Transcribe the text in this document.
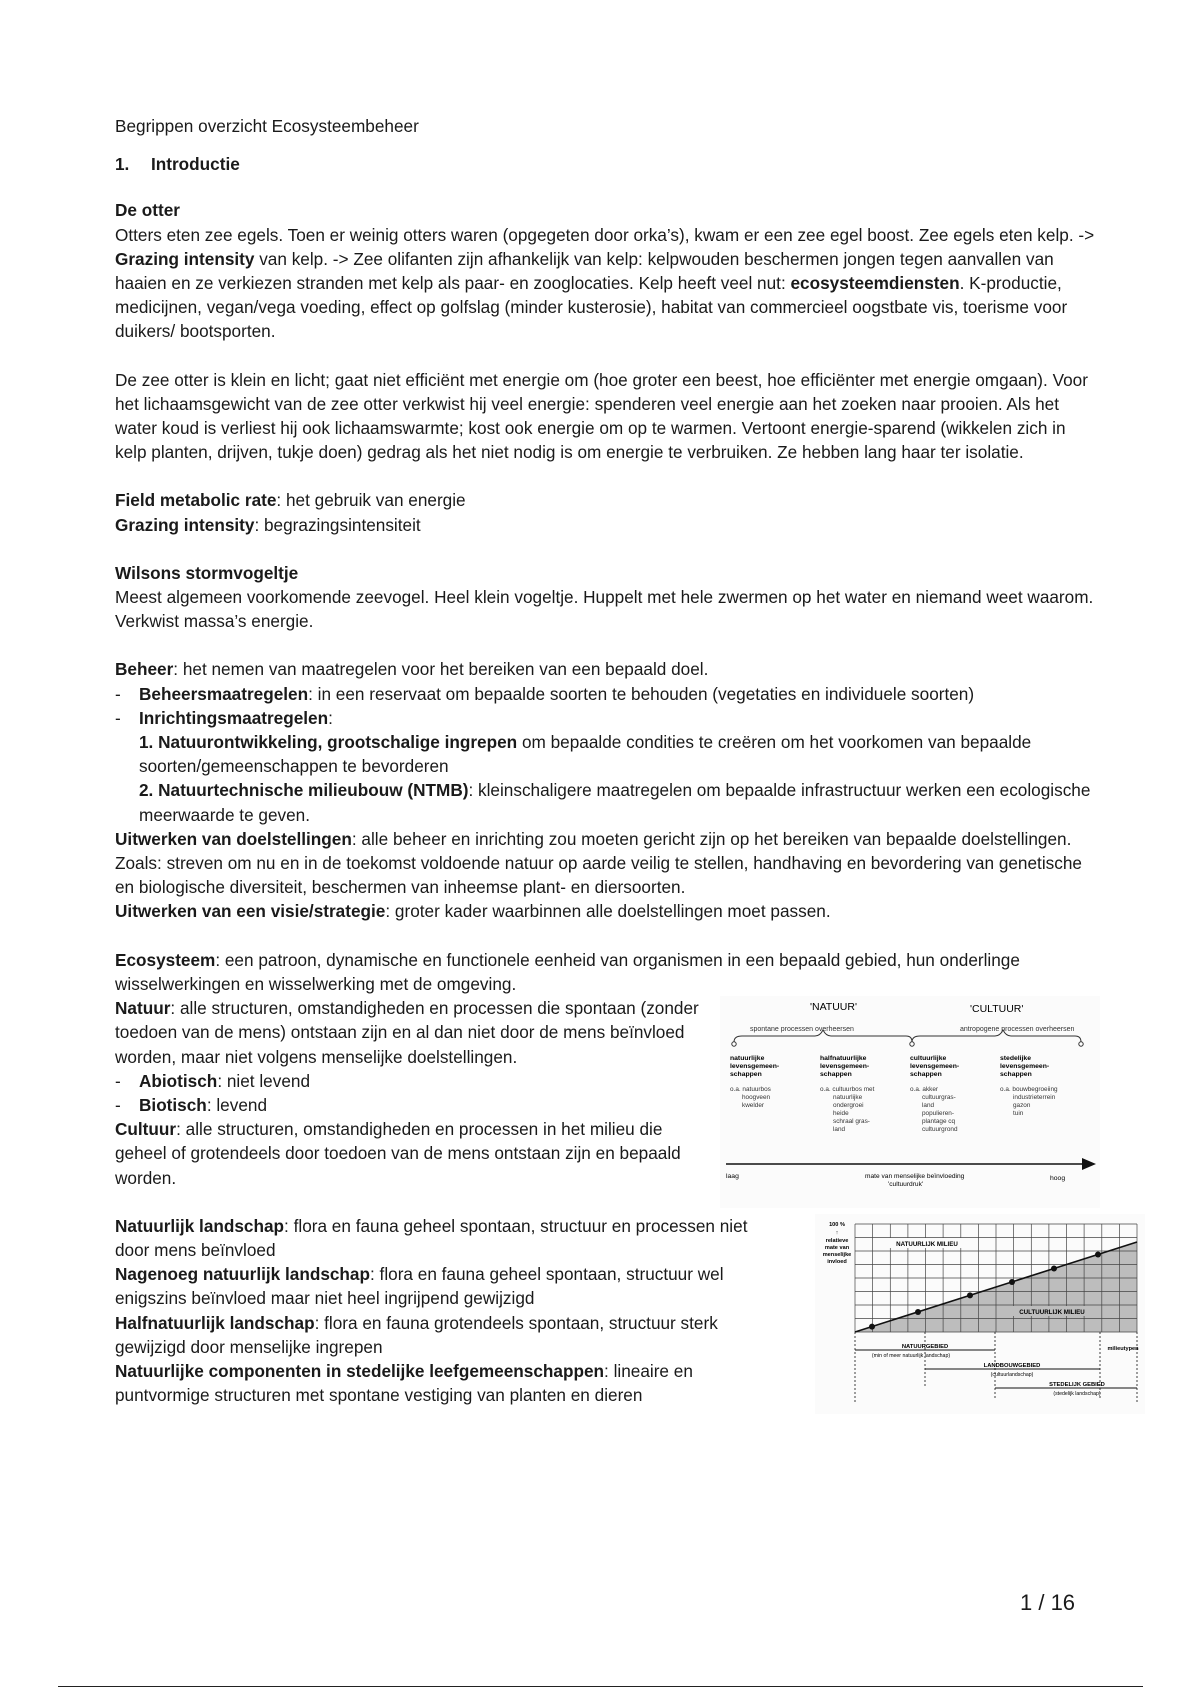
Begrippen overzicht Ecosysteembeheer

1. Introductie

De otter

Otters eten zee egels. Toen er weinig otters waren (opgegeten door orka’s), kwam er een zee egel boost. Zee egels eten kelp. -> Grazing intensity van kelp. -> Zee olifanten zijn afhankelijk van kelp: kelpwouden beschermen jongen tegen aanvallen van haaien en ze verkiezen stranden met kelp als paar- en zooglocaties. Kelp heeft veel nut: ecosysteemdiensten. K-productie, medicijnen, vegan/vega voeding, effect op golfslag (minder kusterosie), habitat van commercieel oogstbate vis, toerisme voor duikers/ bootsporten.

De zee otter is klein en licht; gaat niet efficiënt met energie om (hoe groter een beest, hoe efficiënter met energie omgaan). Voor het lichaamsgewicht van de zee otter verkwist hij veel energie: spenderen veel energie aan het zoeken naar prooien. Als het water koud is verliest hij ook lichaamswarmte; kost ook energie om op te warmen. Vertoont energie-sparend (wikkelen zich in kelp planten, drijven, tukje doen) gedrag als het niet nodig is om energie te verbruiken. Ze hebben lang haar ter isolatie.

Field metabolic rate: het gebruik van energie

Grazing intensity: begrazingsintensiteit

Wilsons stormvogeltje

Meest algemeen voorkomende zeevogel. Heel klein vogeltje. Huppelt met hele zwermen op het water en niemand weet waarom. Verkwist massa’s energie.

Beheer: het nemen van maatregelen voor het bereiken van een bepaald doel.

- Beheersmaatregelen: in een reservaat om bepaalde soorten te behouden (vegetaties en individuele soorten)
- Inrichtingsmaatregelen:

1. Natuurontwikkeling, grootschalige ingrepen om bepaalde condities te creëren om het voorkomen van bepaalde soorten/gemeenschappen te bevorderen

2. Natuurtechnische milieubouw (NTMB): kleinschaligere maatregelen om bepaalde infrastructuur werken een ecologische meerwaarde te geven.

Uitwerken van doelstellingen: alle beheer en inrichting zou moeten gericht zijn op het bereiken van bepaalde doelstellingen. Zoals: streven om nu en in de toekomst voldoende natuur op aarde veilig te stellen, handhaving en bevordering van genetische en biologische diversiteit, beschermen van inheemse plant- en diersoorten.

Uitwerken van een visie/strategie: groter kader waarbinnen alle doelstellingen moet passen.

Ecosysteem: een patroon, dynamische en functionele eenheid van organismen in een bepaald gebied, hun onderlinge wisselwerkingen en wisselwerking met de omgeving.

Natuur: alle structuren, omstandigheden en processen die spontaan (zonder toedoen van de mens) ontstaan zijn en al dan niet door de mens beïnvloed worden, maar niet volgens menselijke doelstellingen.

- Abiotisch: niet levend
- Biotisch: levend

Cultuur: alle structuren, omstandigheden en processen in het milieu die geheel of grotendeels door toedoen van de mens ontstaan zijn en bepaald worden.

'NATUUR'	'CULTUUR'
spontane processen overheersen	antropogene processen overheersen
natuurlijke
levensgemeen-
schappen
halfnatuurlijke
levensgemeen-
schappen
cultuurlijke
levensgemeen-
schappen
stedelijke
levensgemeen-
schappen
o.a. natuurbos
hoogveen
kwelder
o.a. cultuurbos met
natuurlijke
ondergroei
heide
schraal gras-
land
o.a. akker
cultuurgras-
land
populieren-
plantage cq
cultuurgrond
o.a. bouwbegroeiing
industrieterrein
gazon
tuin
laag	hoog
mate van menselijke beïnvloeding
'cultuurdruk'

Natuurlijk landschap: flora en fauna geheel spontaan, structuur en processen niet door mens beïnvloed

Nagenoeg natuurlijk landschap: flora en fauna geheel spontaan, structuur wel enigszins beïnvloed maar niet heel ingrijpend gewijzigd

Halfnatuurlijk landschap: flora en fauna grotendeels spontaan, structuur sterk gewijzigd door menselijke ingrepen

Natuurlijke componenten in stedelijke leefgemeenschappen: lineaire en puntvormige structuren met spontane vestiging van planten en dieren

100 %
↑
relatieve
mate van
menselijke
invloed
NATUURLIJK MILIEU
CULTUURLIJK MILIEU
NATUURGEBIED
(min of meer natuurlijk landschap)
LANDBOUWGEBIED
(cultuurlandschap)
STEDELIJK GEBIED
(stedelijk landschap)
milieutypen
1 / 16
